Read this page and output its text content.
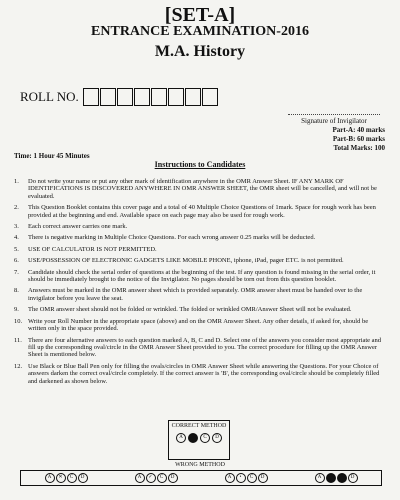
[SET-A]
ENTRANCE EXAMINATION-2016
M.A. History
ROLL NO.
Signature of Invigilator
Part-A: 40 marks
Part-B: 60 marks
Total Marks: 100
Time: 1 Hour 45 Minutes
Instructions to Candidates
1.	Do not write your name or put any other mark of identification anywhere in the OMR Answer Sheet. IF ANY MARK OF IDENTIFICATIONS IS DISCOVERED ANYWHERE IN OMR ANSWER SHEET, the OMR sheet will be cancelled, and will not be evaluated.
2.	This Question Booklet contains this cover page and a total of 40 Multiple Choice Questions of 1mark. Space for rough work has been provided at the beginning and end. Available space on each page may also be used for rough work.
3.	Each correct answer carries one mark.
4.	There is negative marking in Multiple Choice Questions. For each wrong answer 0.25 marks will be deducted.
5.	USE OF CALCULATOR IS NOT PERMITTED.
6.	USE/POSSESSION OF ELECTRONIC GADGETS LIKE MOBILE PHONE, iphone, iPad, pager ETC. is not permitted.
7.	Candidate should check the serial order of questions at the beginning of the test. If any question is found missing in the serial order, it should be immediately brought to the notice of the Invigilator. No pages should be torn out from this question booklet.
8.	Answers must be marked in the OMR answer sheet which is provided separately. OMR answer sheet must be handed over to the invigilator before you leave the seat.
9.	The OMR answer sheet should not be folded or wrinkled. The folded or wrinkled OMR/Answer Sheet will not be evaluated.
10. Write your Roll Number in the appropriate space (above) and on the OMR Answer Sheet. Any other details, if asked for, should be written only in the space provided.
11. There are four alternative answers to each question marked A, B, C and D. Select one of the answers you consider most appropriate and fill up the corresponding oval/circle in the OMR Answer Sheet provided to you. The correct procedure for filling up the OMR Answer Sheet is mentioned below.
12. Use Black or Blue Ball Pen only for filling the ovals/circles in OMR Answer Sheet while answering the Questions. For your Choice of answers darken the correct oval/circle completely. If the correct answer is 'B', the corresponding oval/circle should be completely filled and darkened as shown below.
CORRECT METHOD
A	C	D
WRONG METHOD
A	✕	C	D	A	✓	C	D	A	•	C	D	A	D
